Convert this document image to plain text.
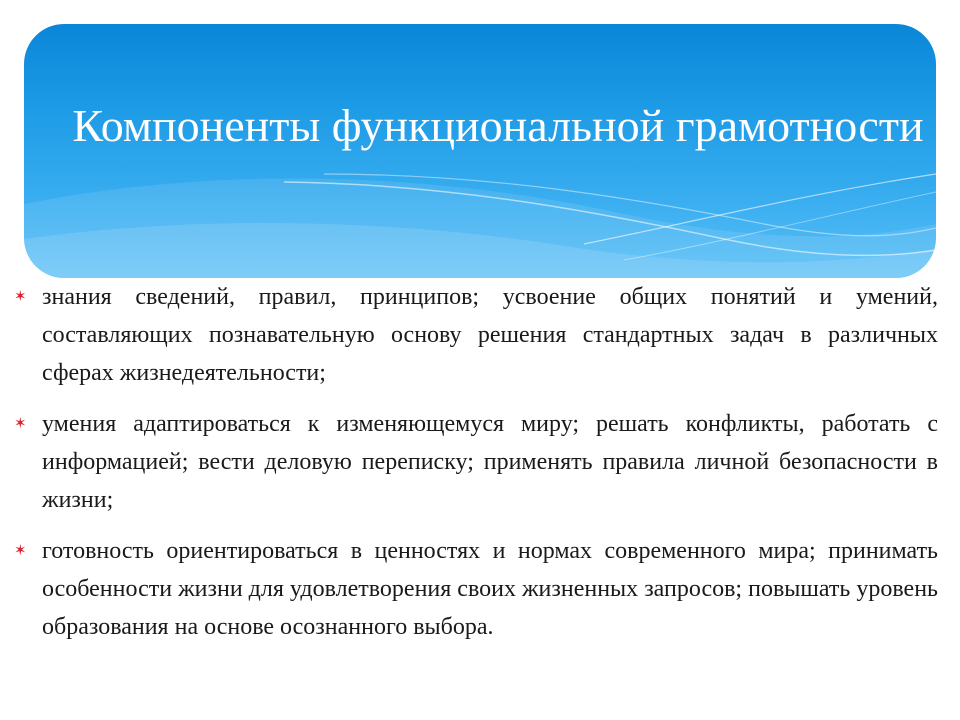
Компоненты функциональной грамотности
✶ знания сведений, правил, принципов; усвоение общих понятий и умений, составляющих познавательную основу решения стандартных задач в различных сферах жизнедеятельности;
✶ умения адаптироваться к изменяющемуся миру; решать конфликты, работать с информацией; вести деловую переписку; применять правила личной безопасности в жизни;
✶ готовность ориентироваться в ценностях и нормах современного мира; принимать особенности жизни для удовлетворения своих жизненных запросов; повышать уровень образования на основе осознанного выбора.
